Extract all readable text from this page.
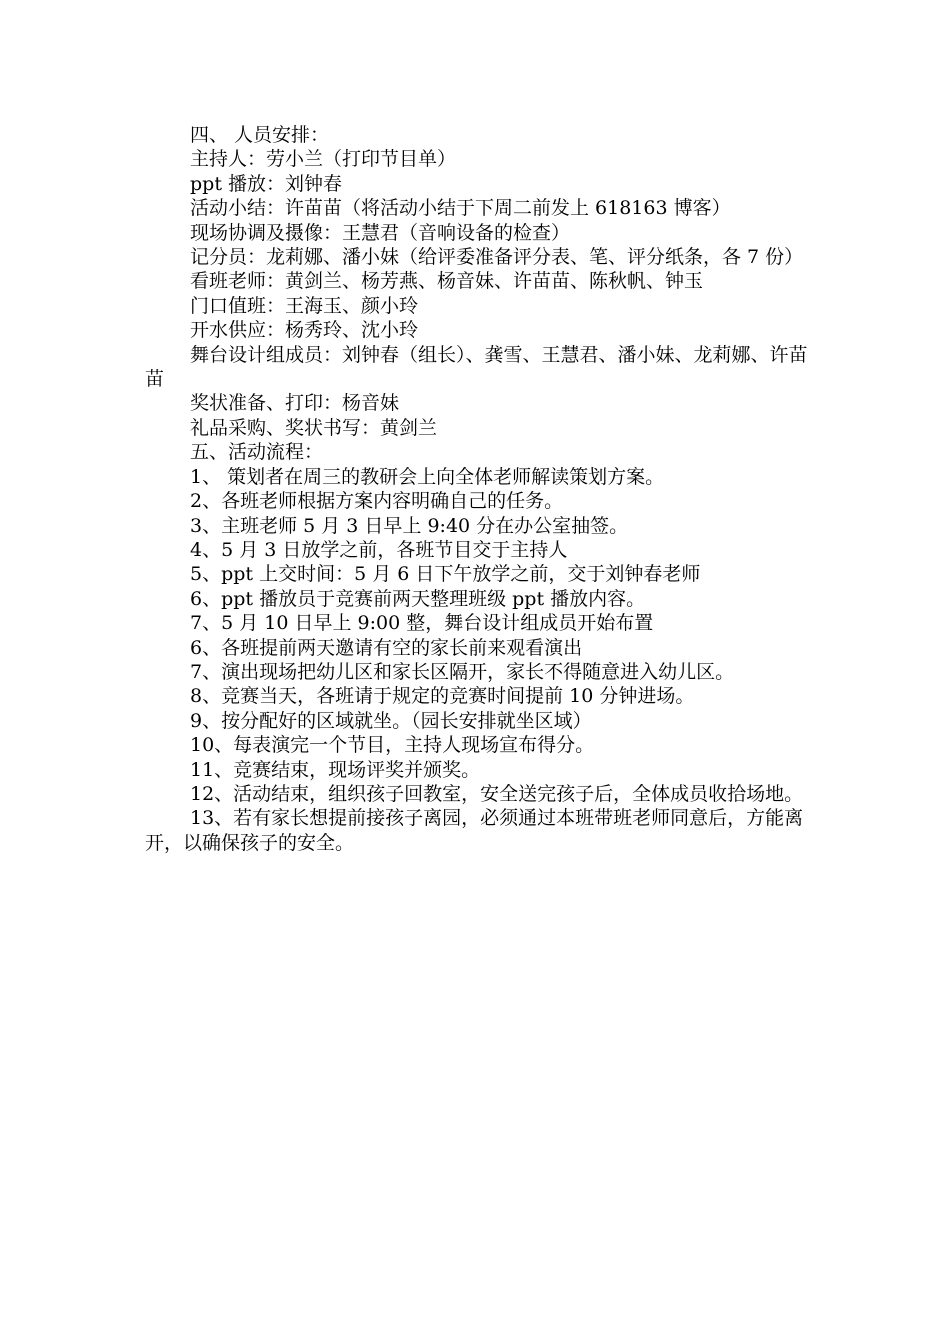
四、 人员安排：

主持人：劳小兰（打印节目单）

ppt 播放：刘钟春

活动小结：许苗苗（将活动小结于下周二前发上 618163 博客）

现场协调及摄像：王慧君（音响设备的检查）

记分员：龙莉娜、潘小妹（给评委准备评分表、笔、评分纸条，各 7 份）

看班老师：黄剑兰、杨芳燕、杨音妹、许苗苗、陈秋帆、钟玉

门口值班：王海玉、颜小玲

开水供应：杨秀玲、沈小玲

舞台设计组成员：刘钟春（组长）、龚雪、王慧君、潘小妹、龙莉娜、许苗苗

奖状准备、打印：杨音妹

礼品采购、奖状书写：黄剑兰

五、活动流程：

1、 策划者在周三的教研会上向全体老师解读策划方案。

2、各班老师根据方案内容明确自己的任务。

3、主班老师 5 月 3 日早上 9:40 分在办公室抽签。

4、5 月 3 日放学之前，各班节目交于主持人

5、ppt 上交时间：5 月 6 日下午放学之前，交于刘钟春老师

6、ppt 播放员于竞赛前两天整理班级 ppt 播放内容。

7、5 月 10 日早上 9:00 整，舞台设计组成员开始布置

6、各班提前两天邀请有空的家长前来观看演出

7、演出现场把幼儿区和家长区隔开，家长不得随意进入幼儿区。

8、竞赛当天，各班请于规定的竞赛时间提前 10 分钟进场。

9、按分配好的区域就坐。（园长安排就坐区域）

10、每表演完一个节目，主持人现场宣布得分。

11、竞赛结束，现场评奖并颁奖。

12、活动结束，组织孩子回教室，安全送完孩子后，全体成员收拾场地。

13、若有家长想提前接孩子离园，必须通过本班带班老师同意后，方能离开，以确保孩子的安全。
